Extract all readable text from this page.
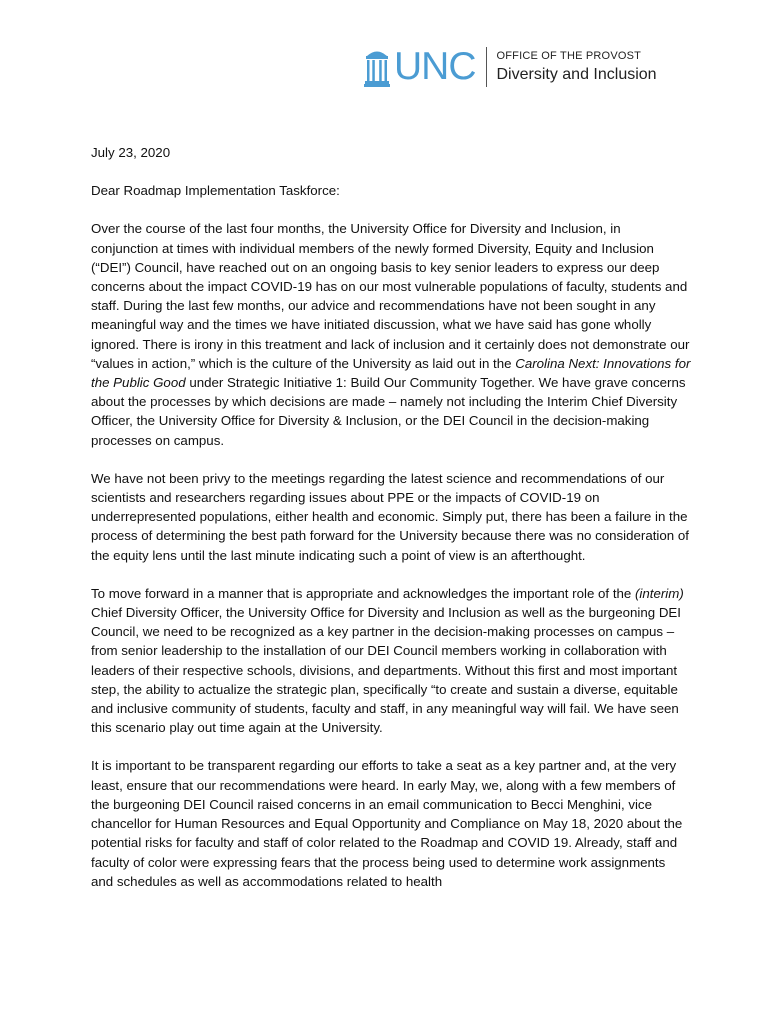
UNC OFFICE OF THE PROVOST
Diversity and Inclusion

July 23, 2020

Dear Roadmap Implementation Taskforce:

Over the course of the last four months, the University Office for Diversity and Inclusion, in conjunction at times with individual members of the newly formed Diversity, Equity and Inclusion (“DEI”) Council, have reached out on an ongoing basis to key senior leaders to express our deep concerns about the impact COVID-19 has on our most vulnerable populations of faculty, students and staff. During the last few months, our advice and recommendations have not been sought in any meaningful way and the times we have initiated discussion, what we have said has gone wholly ignored. There is irony in this treatment and lack of inclusion and it certainly does not demonstrate our “values in action,” which is the culture of the University as laid out in the Carolina Next: Innovations for the Public Good under Strategic Initiative 1: Build Our Community Together. We have grave concerns about the processes by which decisions are made – namely not including the Interim Chief Diversity Officer, the University Office for Diversity & Inclusion, or the DEI Council in the decision-making processes on campus.

We have not been privy to the meetings regarding the latest science and recommendations of our scientists and researchers regarding issues about PPE or the impacts of COVID-19 on underrepresented populations, either health and economic. Simply put, there has been a failure in the process of determining the best path forward for the University because there was no consideration of the equity lens until the last minute indicating such a point of view is an afterthought.

To move forward in a manner that is appropriate and acknowledges the important role of the (interim) Chief Diversity Officer, the University Office for Diversity and Inclusion as well as the burgeoning DEI Council, we need to be recognized as a key partner in the decision-making processes on campus – from senior leadership to the installation of our DEI Council members working in collaboration with leaders of their respective schools, divisions, and departments. Without this first and most important step, the ability to actualize the strategic plan, specifically “to create and sustain a diverse, equitable and inclusive community of students, faculty and staff, in any meaningful way will fail. We have seen this scenario play out time again at the University.

It is important to be transparent regarding our efforts to take a seat as a key partner and, at the very least, ensure that our recommendations were heard. In early May, we, along with a few members of the burgeoning DEI Council raised concerns in an email communication to Becci Menghini, vice chancellor for Human Resources and Equal Opportunity and Compliance on May 18, 2020 about the potential risks for faculty and staff of color related to the Roadmap and COVID 19. Already, staff and faculty of color were expressing fears that the process being used to determine work assignments and schedules as well as accommodations related to health
